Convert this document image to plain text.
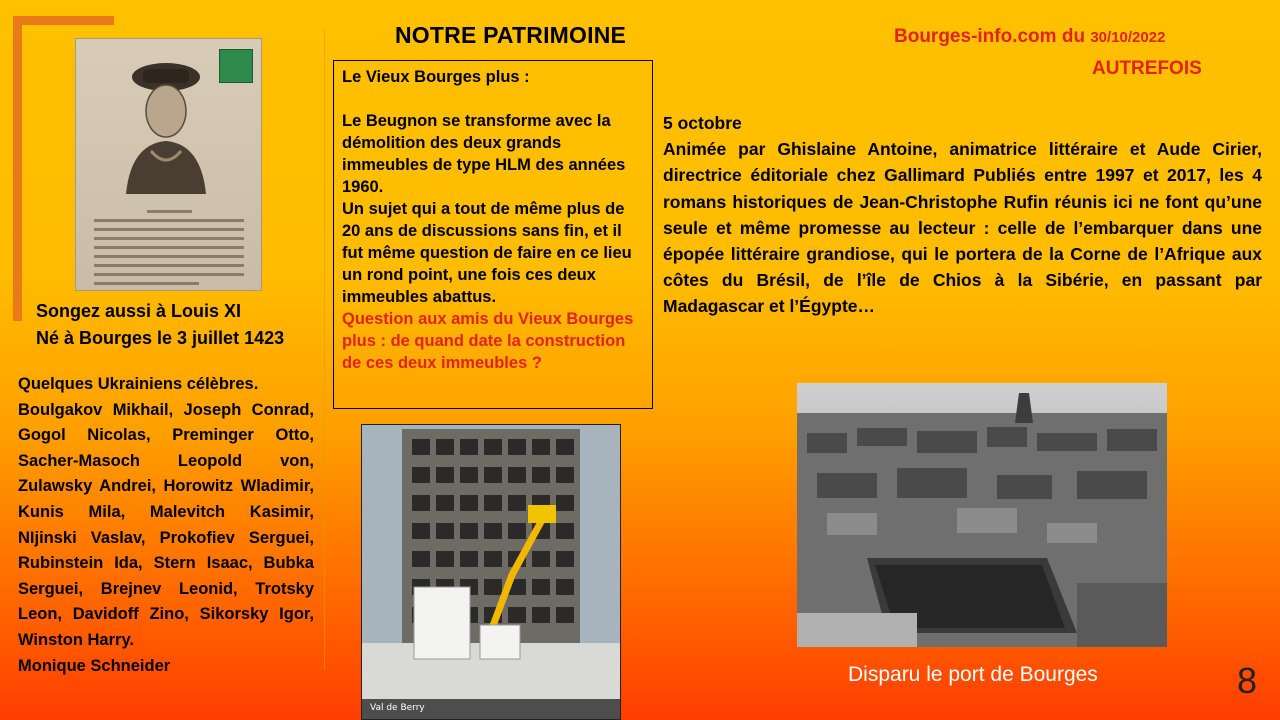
NOTRE PATRIMOINE	Bourges-info.com du 30/10/2022
AUTREFOIS
Songez aussi à Louis XI
Né à Bourges le 3 juillet 1423

Quelques Ukrainiens célèbres.

Boulgakov Mikhail, Joseph Conrad, Gogol Nicolas, Preminger Otto, Sacher-Masoch Leopold von, Zulawsky Andrei, Horowitz Wladimir, Kunis Mila, Malevitch Kasimir, NIjinski Vaslav, Prokofiev Serguei, Rubinstein Ida, Stern Isaac, Bubka Serguei, Brejnev Leonid, Trotsky Leon, Davidoff Zino, Sikorsky Igor, Winston Harry.

Monique Schneider

Le Vieux Bourges plus :

Le Beugnon se transforme avec la démolition des deux grands immeubles de type HLM des années 1960.

Un sujet qui a tout de même plus de 20 ans de discussions sans fin, et il fut même question de faire en ce lieu un rond point, une fois ces deux immeubles abattus.

Question aux amis du Vieux Bourges plus : de quand date la construction de ces deux immeubles ?

Val de Berry

5 octobre

Animée par Ghislaine Antoine, animatrice littéraire et Aude Cirier, directrice éditoriale chez Gallimard Publiés entre 1997 et 2017, les 4 romans historiques de Jean-Christophe Rufin réunis ici ne font qu’une seule et même promesse au lecteur : celle de l’embarquer dans une épopée littéraire grandiose, qui le portera de la Corne de l’Afrique aux côtes du Brésil, de l’île de Chios à la Sibérie, en passant par Madagascar et l’Égypte…

Disparu le port de Bourges	8
